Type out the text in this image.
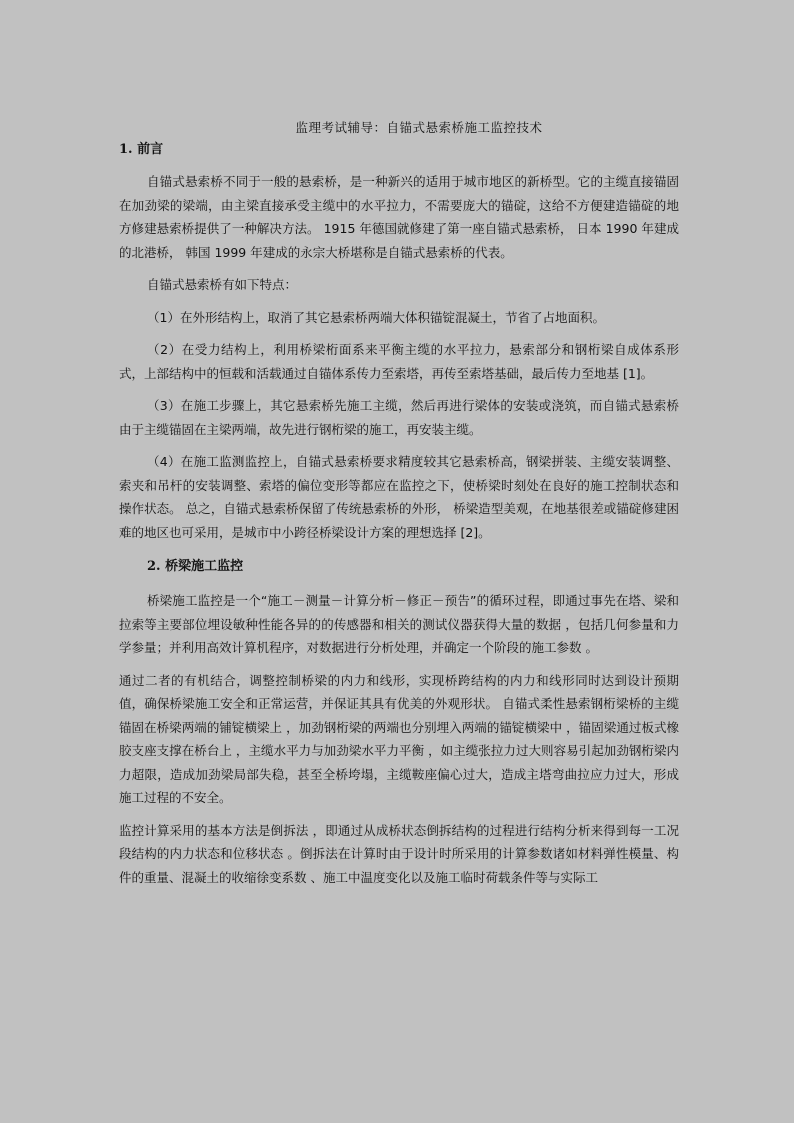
监理考试辅导：自锚式悬索桥施工监控技术
1. 前言

自锚式悬索桥不同于一般的悬索桥，是一种新兴的适用于城市地区的新桥型。它的主缆直接锚固在加劲梁的梁端，由主梁直接承受主缆中的水平拉力，不需要庞大的锚碇，这给不方便建造锚碇的地方修建悬索桥提供了一种解决方法。 1915 年德国就修建了第一座自锚式悬索桥， 日本 1990 年建成的北港桥， 韩国 1999 年建成的永宗大桥堪称是自锚式悬索桥的代表。

自锚式悬索桥有如下特点：

（1）在外形结构上，取消了其它悬索桥两端大体积锚锭混凝土，节省了占地面积。

（2）在受力结构上，利用桥梁桁面系来平衡主缆的水平拉力，悬索部分和钢桁梁自成体系形式，上部结构中的恒载和活载通过自锚体系传力至索塔，再传至索塔基础，最后传力至地基 [1]。

（3）在施工步骤上，其它悬索桥先施工主缆，然后再进行梁体的安装或浇筑，而自锚式悬索桥由于主缆锚固在主梁两端，故先进行钢桁梁的施工，再安装主缆。

（4）在施工监测监控上，自锚式悬索桥要求精度较其它悬索桥高，钢梁拼装、主缆安装调整、索夹和吊杆的安装调整、索塔的偏位变形等都应在监控之下，使桥梁时刻处在良好的施工控制状态和操作状态。 总之，自锚式悬索桥保留了传统悬索桥的外形， 桥梁造型美观，在地基很差或锚碇修建困难的地区也可采用，是城市中小跨径桥梁设计方案的理想选择 [2]。

2. 桥梁施工监控

桥梁施工监控是一个“施工－测量－计算分析－修正－预告”的循环过程，即通过事先在塔、梁和拉索等主要部位埋设敏种性能各异的的传感器和相关的测试仪器获得大量的数据 ，包括几何参量和力学参量；并利用高效计算机程序，对数据进行分析处理，并确定一个阶段的施工参数 。

通过二者的有机结合，调整控制桥梁的内力和线形，实现桥跨结构的内力和线形同时达到设计预期值，确保桥梁施工安全和正常运营，并保证其具有优美的外观形状。 自锚式柔性悬索钢桁梁桥的主缆锚固在桥梁两端的铺锭横梁上 ，加劲钢桁梁的两端也分别埋入两端的锚锭横梁中 ，锚固梁通过板式橡胶支座支撑在桥台上 ，主缆水平力与加劲梁水平力平衡 ，如主缆张拉力过大则容易引起加劲钢桁梁内力超限，造成加劲梁局部失稳，甚至全桥垮塌，主缆鞍座偏心过大，造成主塔弯曲拉应力过大，形成施工过程的不安全。

监控计算采用的基本方法是倒拆法 ，即通过从成桥状态倒拆结构的过程进行结构分析来得到每一工况段结构的内力状态和位移状态 。倒拆法在计算时由于设计时所采用的计算参数诸如材料弹性模量、构件的重量、混凝土的收缩徐变系数 、施工中温度变化以及施工临时荷载条件等与实际工
